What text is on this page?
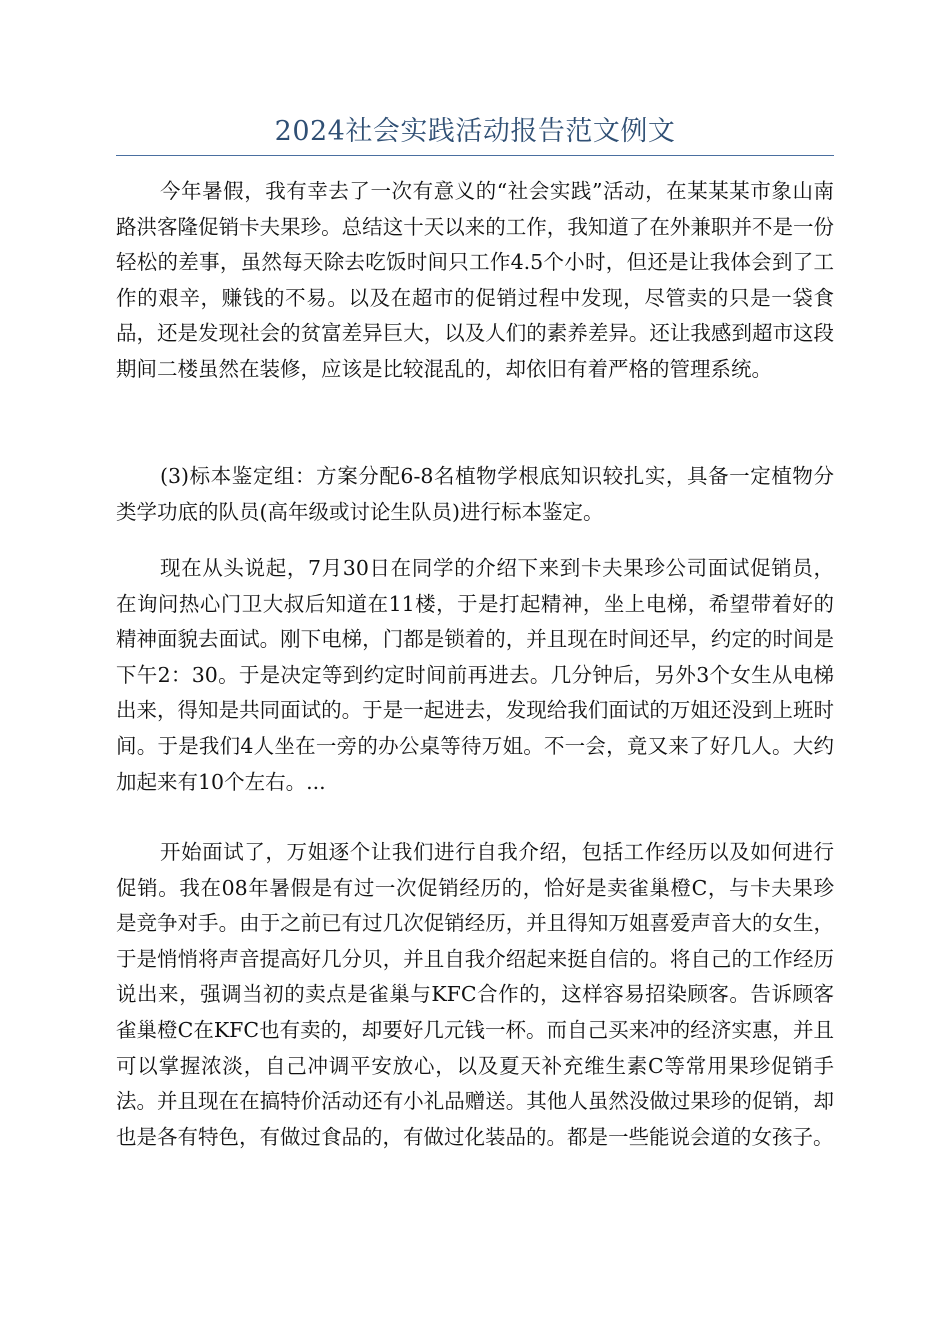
2024社会实践活动报告范文例文

今年暑假，我有幸去了一次有意义的“社会实践”活动，在某某某市象山南路洪客隆促销卡夫果珍。总结这十天以来的工作，我知道了在外兼职并不是一份轻松的差事，虽然每天除去吃饭时间只工作4.5个小时，但还是让我体会到了工作的艰辛，赚钱的不易。以及在超市的促销过程中发现，尽管卖的只是一袋食品，还是发现社会的贫富差异巨大，以及人们的素养差异。还让我感到超市这段期间二楼虽然在装修，应该是比较混乱的，却依旧有着严格的管理系统。

(3)标本鉴定组：方案分配6-8名植物学根底知识较扎实，具备一定植物分类学功底的队员(高年级或讨论生队员)进行标本鉴定。

现在从头说起，7月30日在同学的介绍下来到卡夫果珍公司面试促销员，在询问热心门卫大叔后知道在11楼，于是打起精神，坐上电梯，希望带着好的精神面貌去面试。刚下电梯，门都是锁着的，并且现在时间还早，约定的时间是下午2：30。于是决定等到约定时间前再进去。几分钟后，另外3个女生从电梯出来，得知是共同面试的。于是一起进去，发现给我们面试的万姐还没到上班时间。于是我们4人坐在一旁的办公桌等待万姐。不一会，竟又来了好几人。大约加起来有10个左右。...

开始面试了，万姐逐个让我们进行自我介绍，包括工作经历以及如何进行促销。我在08年暑假是有过一次促销经历的，恰好是卖雀巢橙C，与卡夫果珍是竞争对手。由于之前已有过几次促销经历，并且得知万姐喜爱声音大的女生，于是悄悄将声音提高好几分贝，并且自我介绍起来挺自信的。将自己的工作经历说出来，强调当初的卖点是雀巢与KFC合作的，这样容易招染顾客。告诉顾客雀巢橙C在KFC也有卖的，却要好几元钱一杯。而自己买来冲的经济实惠，并且可以掌握浓淡，自己冲调平安放心，以及夏天补充维生素C等常用果珍促销手法。并且现在在搞特价活动还有小礼品赠送。其他人虽然没做过果珍的促销，却也是各有特色，有做过食品的，有做过化装品的。都是一些能说会道的女孩子。
